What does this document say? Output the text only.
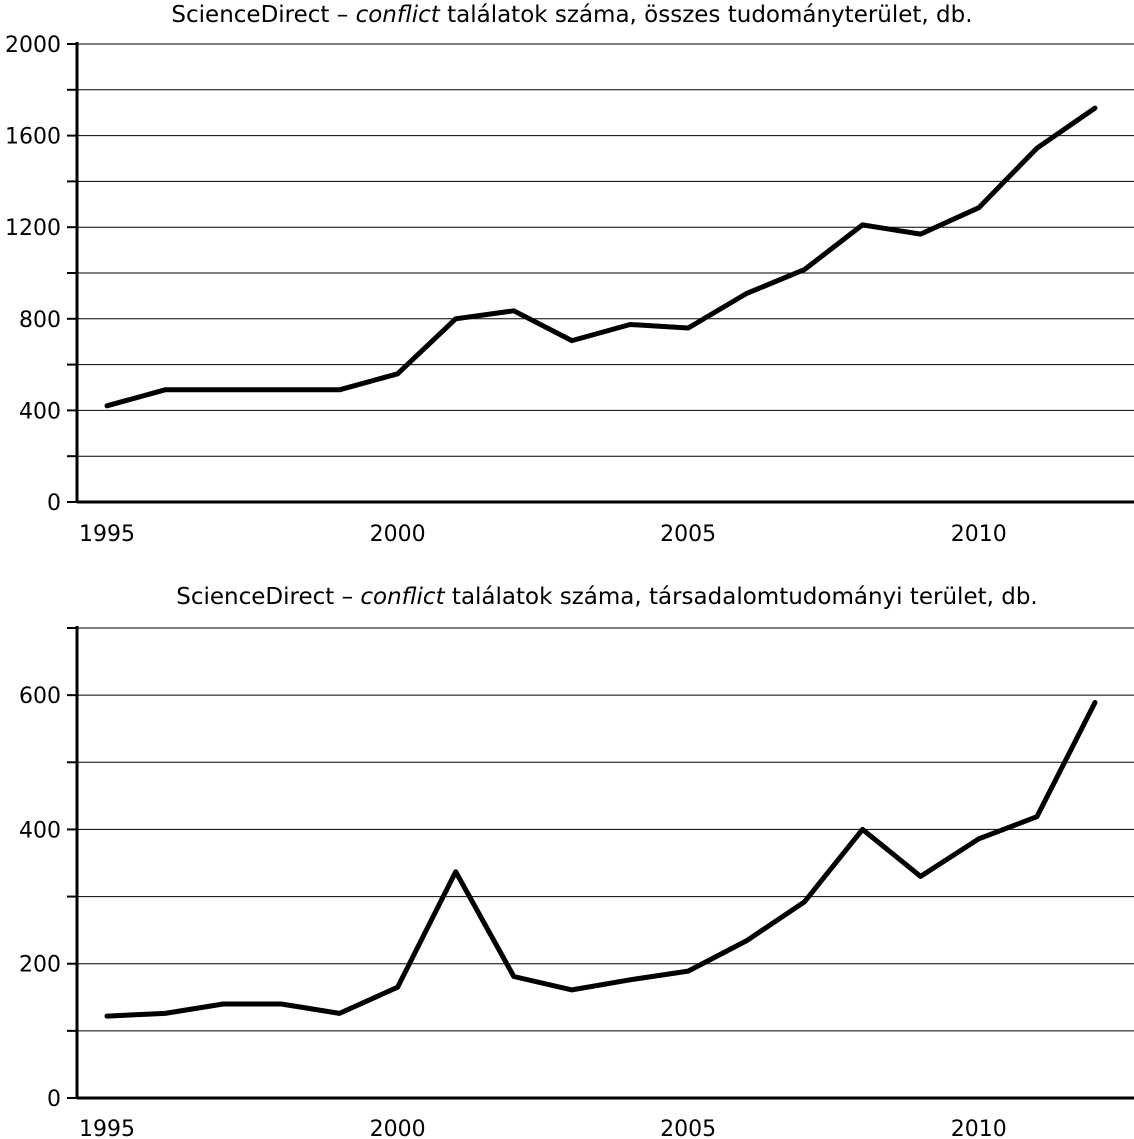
ScienceDirect – conflict találatok száma, összes tudományterület, db.
0
400
800
1200
1600
2000
1995	2000	2005	2010
ScienceDirect – conflict találatok száma, társadalomtudományi terület, db.
0
200
400
600
1995	2000	2005	2010
